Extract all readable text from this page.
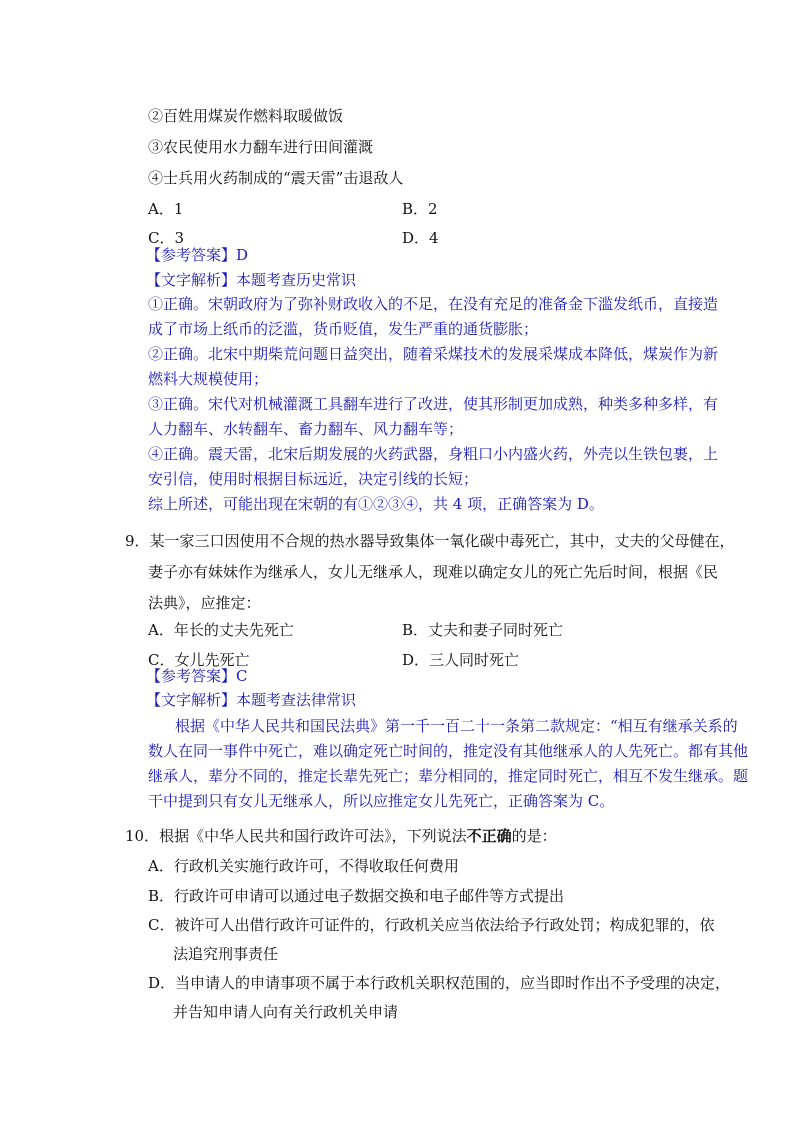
②百姓用煤炭作燃料取暖做饭
③农民使用水力翻车进行田间灌溉
④士兵用火药制成的“震天雷”击退敌人
A．1	B．2
C．3	D．4
【参考答案】D
【文字解析】本题考查历史常识
①正确。宋朝政府为了弥补财政收入的不足，在没有充足的准备金下滥发纸币，直接造
成了市场上纸币的泛滥，货币贬值，发生严重的通货膨胀；
②正确。北宋中期柴荒问题日益突出，随着采煤技术的发展采煤成本降低，煤炭作为新
燃料大规模使用；
③正确。宋代对机械灌溉工具翻车进行了改进，使其形制更加成熟，种类多种多样，有
人力翻车、水转翻车、畜力翻车、风力翻车等；
④正确。震天雷，北宋后期发展的火药武器，身粗口小内盛火药，外壳以生铁包裹，上
安引信，使用时根据目标远近，决定引线的长短；
综上所述，可能出现在宋朝的有①②③④，共 4 项，正确答案为 D。
9．某一家三口因使用不合规的热水器导致集体一氧化碳中毒死亡，其中，丈夫的父母健在，
妻子亦有妹妹作为继承人，女儿无继承人，现难以确定女儿的死亡先后时间，根据《民
法典》，应推定：
A．年长的丈夫先死亡	B．丈夫和妻子同时死亡
C．女儿先死亡	D．三人同时死亡
【参考答案】C
【文字解析】本题考查法律常识
根据《中华人民共和国民法典》第一千一百二十一条第二款规定：“相互有继承关系的
数人在同一事件中死亡，难以确定死亡时间的，推定没有其他继承人的人先死亡。都有其他
继承人，辈分不同的，推定长辈先死亡；辈分相同的，推定同时死亡，相互不发生继承。题
干中提到只有女儿无继承人，所以应推定女儿先死亡，正确答案为 C。
10．根据《中华人民共和国行政许可法》，下列说法不正确的是：
A．行政机关实施行政许可，不得收取任何费用
B．行政许可申请可以通过电子数据交换和电子邮件等方式提出
C．被许可人出借行政许可证件的，行政机关应当依法给予行政处罚；构成犯罪的，依
法追究刑事责任
D．当申请人的申请事项不属于本行政机关职权范围的，应当即时作出不予受理的决定，
并告知申请人向有关行政机关申请
